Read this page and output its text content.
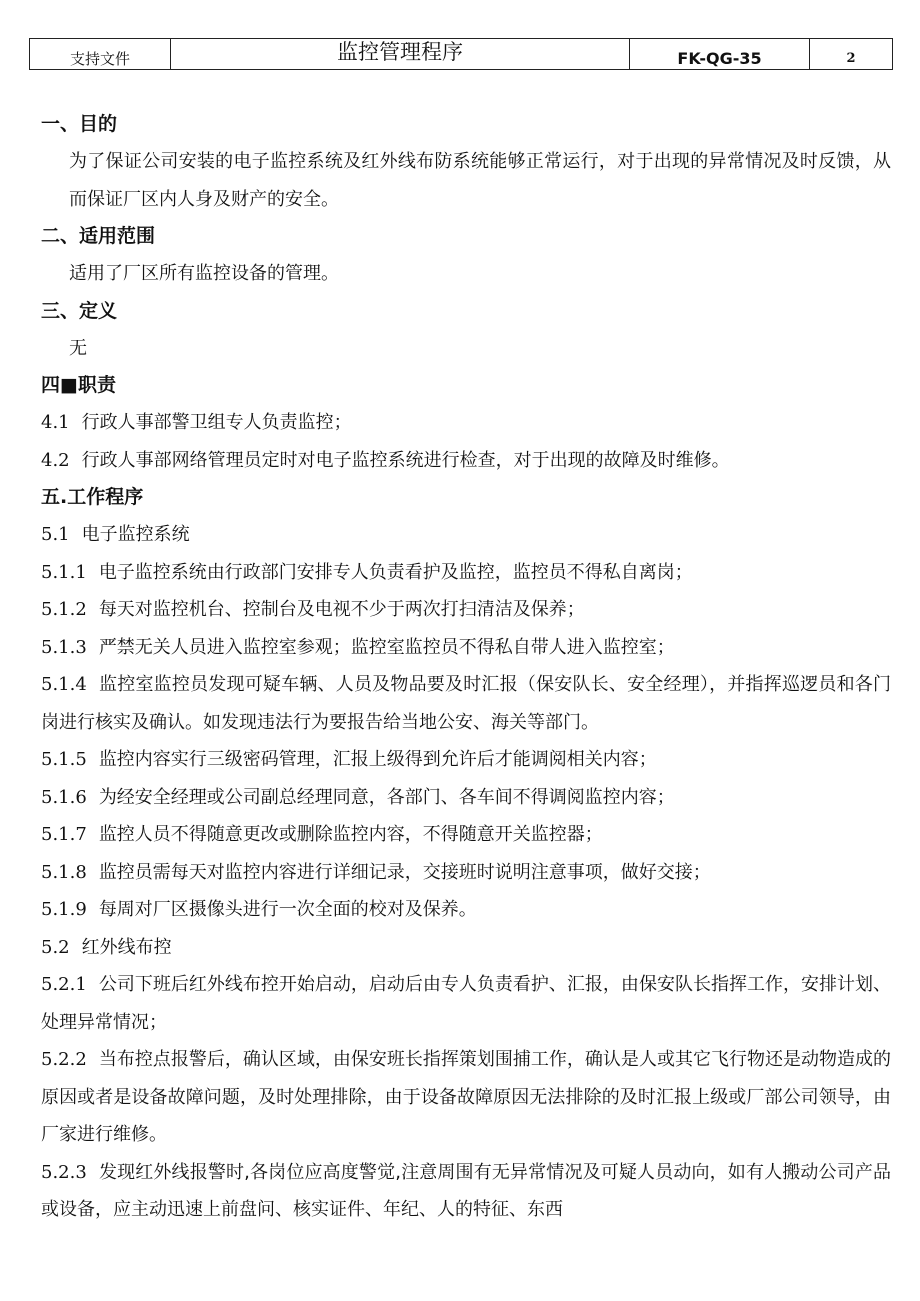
支持文件	监控管理程序	FK-QG-35	2
一、目的
为了保证公司安装的电子监控系统及红外线布防系统能够正常运行，对于出现的异常情况及时反馈，从而保证厂区内人身及财产的安全。
二、适用范围
适用了厂区所有监控设备的管理。
三、定义
无
四■职责
4.1 行政人事部警卫组专人负责监控；
4.2 行政人事部网络管理员定时对电子监控系统进行检查，对于出现的故障及时维修。
五.工作程序
5.1 电子监控系统
5.1.1 电子监控系统由行政部门安排专人负责看护及监控，监控员不得私自离岗；
5.1.2 每天对监控机台、控制台及电视不少于两次打扫清洁及保养；
5.1.3 严禁无关人员进入监控室参观；监控室监控员不得私自带人进入监控室；
5.1.4 监控室监控员发现可疑车辆、人员及物品要及时汇报（保安队长、安全经理），并指挥巡逻员和各门岗进行核实及确认。如发现违法行为要报告给当地公安、海关等部门。
5.1.5 监控内容实行三级密码管理，汇报上级得到允许后才能调阅相关内容；
5.1.6 为经安全经理或公司副总经理同意，各部门、各车间不得调阅监控内容；
5.1.7 监控人员不得随意更改或删除监控内容，不得随意开关监控器；
5.1.8 监控员需每天对监控内容进行详细记录，交接班时说明注意事项，做好交接；
5.1.9 每周对厂区摄像头进行一次全面的校对及保养。
5.2 红外线布控
5.2.1 公司下班后红外线布控开始启动，启动后由专人负责看护、汇报，由保安队长指挥工作，安排计划、处理异常情况；
5.2.2 当布控点报警后，确认区域，由保安班长指挥策划围捕工作，确认是人或其它飞行物还是动物造成的原因或者是设备故障问题，及时处理排除，由于设备故障原因无法排除的及时汇报上级或厂部公司领导，由厂家进行维修。
5.2.3 发现红外线报警时,各岗位应高度警觉,注意周围有无异常情况及可疑人员动向，如有人搬动公司产品或设备，应主动迅速上前盘问、核实证件、年纪、人的特征、东西
